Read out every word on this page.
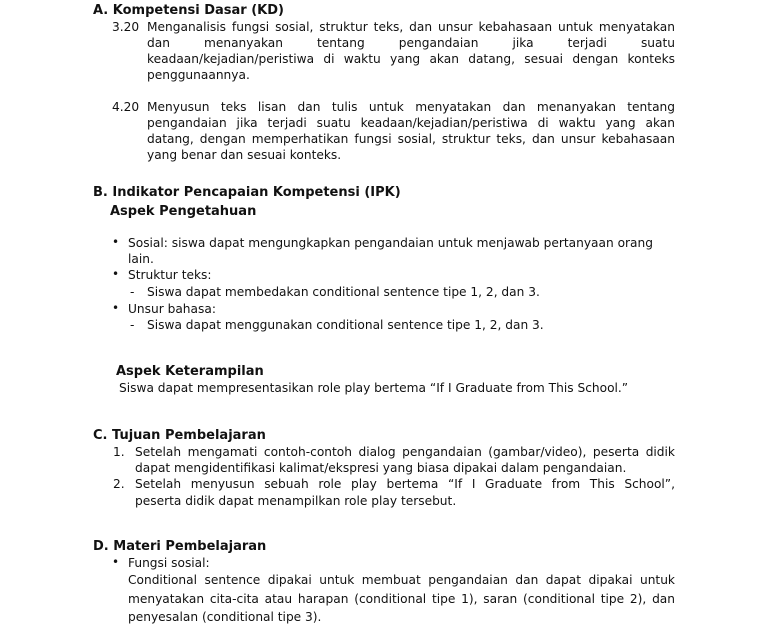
A. Kompetensi Dasar (KD)
3.20 Menganalisis fungsi sosial, struktur teks, dan unsur kebahasaan untuk menyatakan
dan menanyakan tentang pengandaian jika terjadi suatu
keadaan/kejadian/peristiwa di waktu yang akan datang, sesuai dengan konteks
penggunaannya.
4.20 Menyusun teks lisan dan tulis untuk menyatakan dan menanyakan tentang
pengandaian jika terjadi suatu keadaan/kejadian/peristiwa di waktu yang akan
datang, dengan memperhatikan fungsi sosial, struktur teks, dan unsur kebahasaan
yang benar dan sesuai konteks.
B. Indikator Pencapaian Kompetensi (IPK)
Aspek Pengetahuan
• Sosial: siswa dapat mengungkapkan pengandaian untuk menjawab pertanyaan orang
lain.
• Struktur teks:
- Siswa dapat membedakan conditional sentence tipe 1, 2, dan 3.
• Unsur bahasa:
- Siswa dapat menggunakan conditional sentence tipe 1, 2, dan 3.
Aspek Keterampilan
Siswa dapat mempresentasikan role play bertema “If I Graduate from This School.”
C. Tujuan Pembelajaran
1. Setelah mengamati contoh-contoh dialog pengandaian (gambar/video), peserta didik
dapat mengidentifikasi kalimat/ekspresi yang biasa dipakai dalam pengandaian.
2. Setelah menyusun sebuah role play bertema “If I Graduate from This School”,
peserta didik dapat menampilkan role play tersebut.
D. Materi Pembelajaran
• Fungsi sosial:
Conditional sentence dipakai untuk membuat pengandaian dan dapat dipakai untuk
menyatakan cita-cita atau harapan (conditional tipe 1), saran (conditional tipe 2), dan
penyesalan (conditional tipe 3).
